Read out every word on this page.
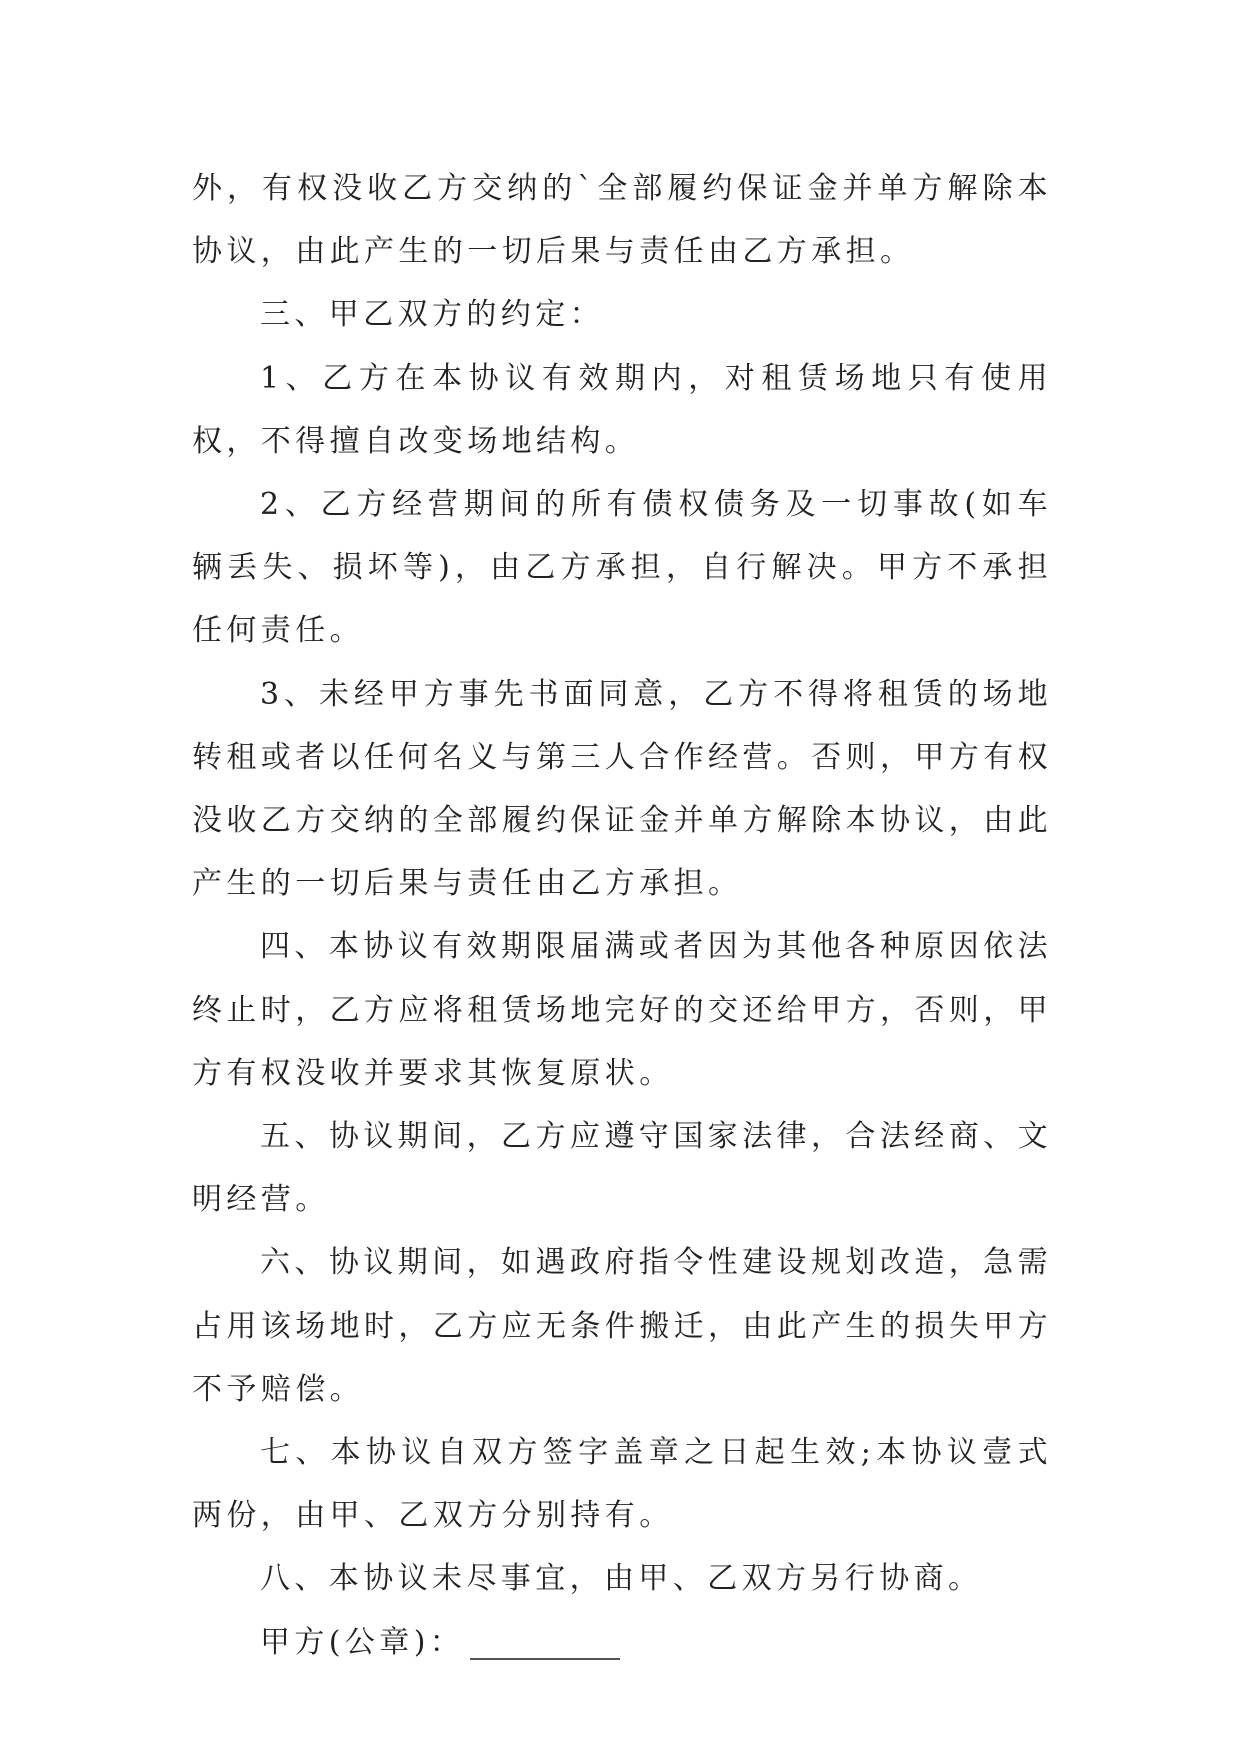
外，有权没收乙方交纳的`全部履约保证金并单方解除本协议，由此产生的一切后果与责任由乙方承担。

三、甲乙双方的约定：

1、乙方在本协议有效期内，对租赁场地只有使用权，不得擅自改变场地结构。

2、乙方经营期间的所有债权债务及一切事故(如车辆丢失、损坏等)，由乙方承担，自行解决。甲方不承担任何责任。

3、未经甲方事先书面同意，乙方不得将租赁的场地转租或者以任何名义与第三人合作经营。否则，甲方有权没收乙方交纳的全部履约保证金并单方解除本协议，由此产生的一切后果与责任由乙方承担。

四、本协议有效期限届满或者因为其他各种原因依法终止时，乙方应将租赁场地完好的交还给甲方，否则，甲方有权没收并要求其恢复原状。

五、协议期间，乙方应遵守国家法律，合法经商、文明经营。

六、协议期间，如遇政府指令性建设规划改造，急需占用该场地时，乙方应无条件搬迁，由此产生的损失甲方不予赔偿。

七、本协议自双方签字盖章之日起生效;本协议壹式两份，由甲、乙双方分别持有。

八、本协议未尽事宜，由甲、乙双方另行协商。

甲方(公章)：
